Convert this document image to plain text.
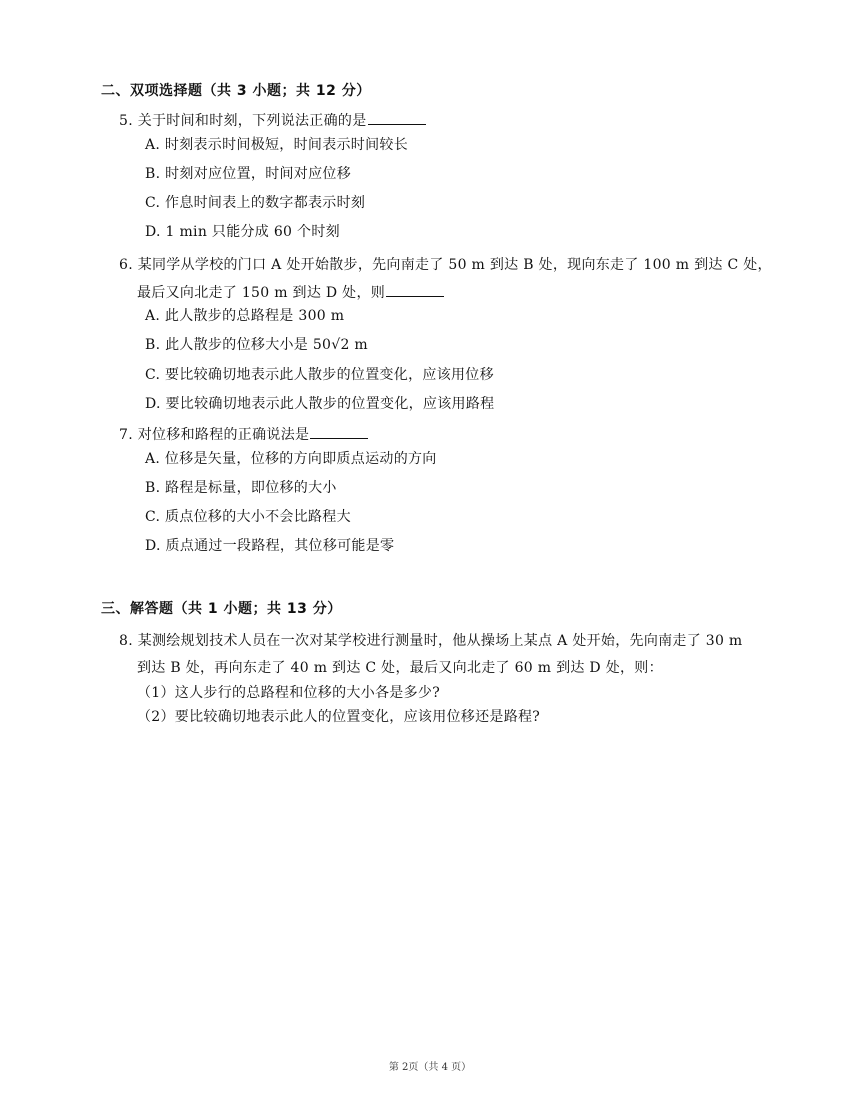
二、双项选择题（共 3 小题；共 12 分）
5. 关于时间和时刻，下列说法正确的是
A. 时刻表示时间极短，时间表示时间较长
B. 时刻对应位置，时间对应位移
C. 作息时间表上的数字都表示时刻
D. 1 min 只能分成 60 个时刻
6. 某同学从学校的门口 A 处开始散步，先向南走了 50 m 到达 B 处，现向东走了 100 m 到达 C 处，
最后又向北走了 150 m 到达 D 处，则
A. 此人散步的总路程是 300 m
B. 此人散步的位移大小是 50√2 m
C. 要比较确切地表示此人散步的位置变化，应该用位移
D. 要比较确切地表示此人散步的位置变化，应该用路程
7. 对位移和路程的正确说法是
A. 位移是矢量，位移的方向即质点运动的方向
B. 路程是标量，即位移的大小
C. 质点位移的大小不会比路程大
D. 质点通过一段路程，其位移可能是零
三、解答题（共 1 小题；共 13 分）
8. 某测绘规划技术人员在一次对某学校进行测量时，他从操场上某点 A 处开始，先向南走了 30 m
到达 B 处，再向东走了 40 m 到达 C 处，最后又向北走了 60 m 到达 D 处，则：
（1）这人步行的总路程和位移的大小各是多少?
（2）要比较确切地表示此人的位置变化，应该用位移还是路程?
第 2页（共 4 页）
